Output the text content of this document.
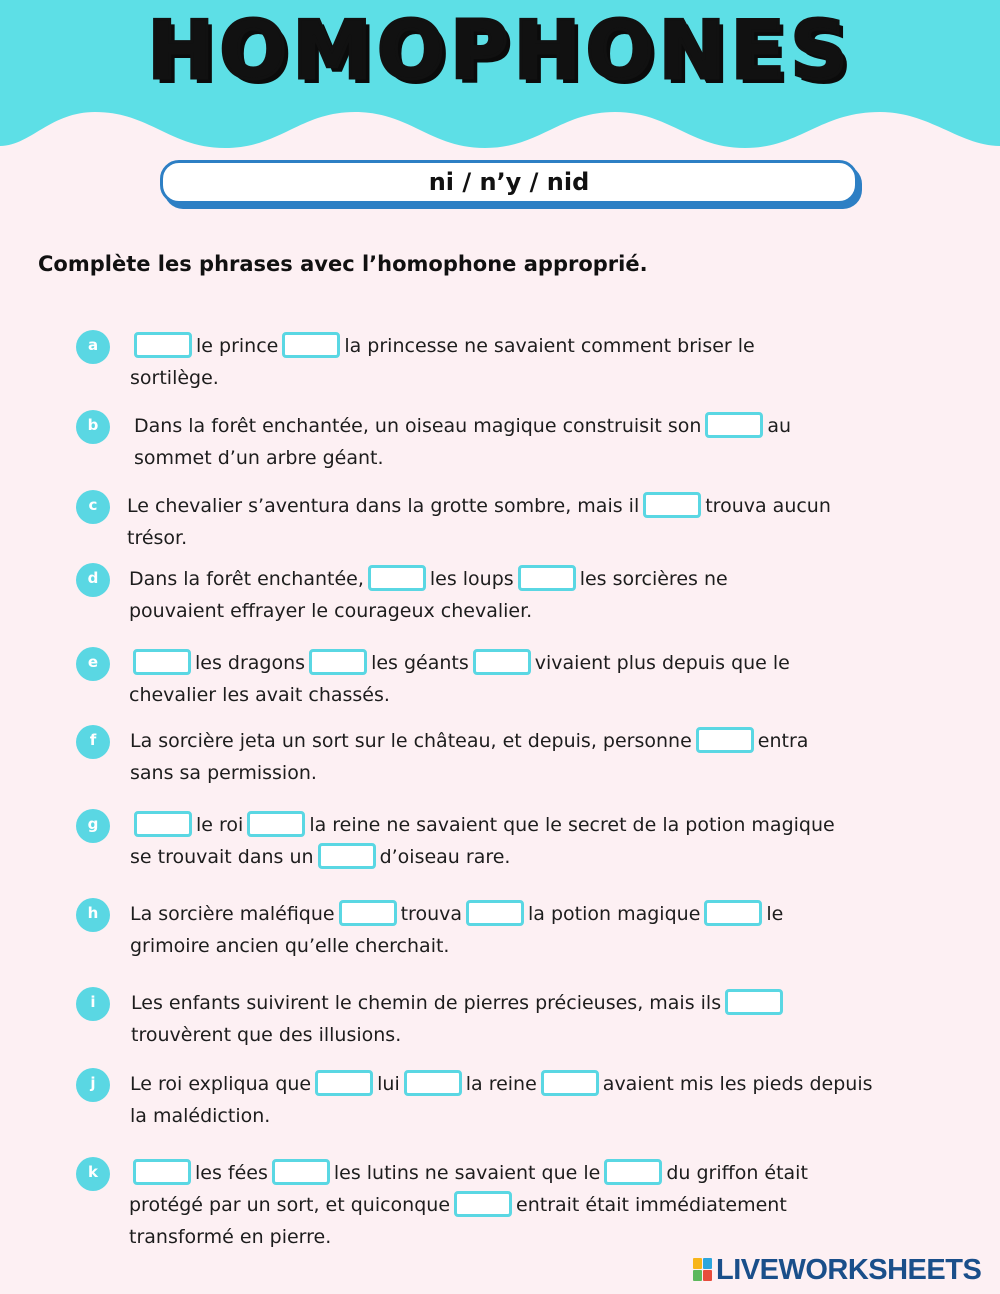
HOMOPHONES
ni / n’y / nid
Complète les phrases avec l’homophone approprié.
a	le prince	la princesse ne savaient comment briser le
sortilège.
b	Dans la forêt enchantée, un oiseau magique construisit son	au
sommet d’un arbre géant.
c	Le chevalier s’aventura dans la grotte sombre, mais il	trouva aucun
trésor.
d	Dans la forêt enchantée,	les loups	les sorcières ne
pouvaient effrayer le courageux chevalier.
e	les dragons	les géants	vivaient plus depuis que le
chevalier les avait chassés.
f	La sorcière jeta un sort sur le château, et depuis, personne	entra
sans sa permission.
g	le roi	la reine ne savaient que le secret de la potion magique
se trouvait dans un	d’oiseau rare.
h	La sorcière maléfique	trouva	la potion magique	le
grimoire ancien qu’elle cherchait.
i	Les enfants suivirent le chemin de pierres précieuses, mais ils
trouvèrent que des illusions.
j	Le roi expliqua que	lui	la reine	avaient mis les pieds depuis
la malédiction.
k	les fées	les lutins ne savaient que le	du griffon était
protégé par un sort, et quiconque	entrait était immédiatement
transformé en pierre.
LIVEWORKSHEETS
